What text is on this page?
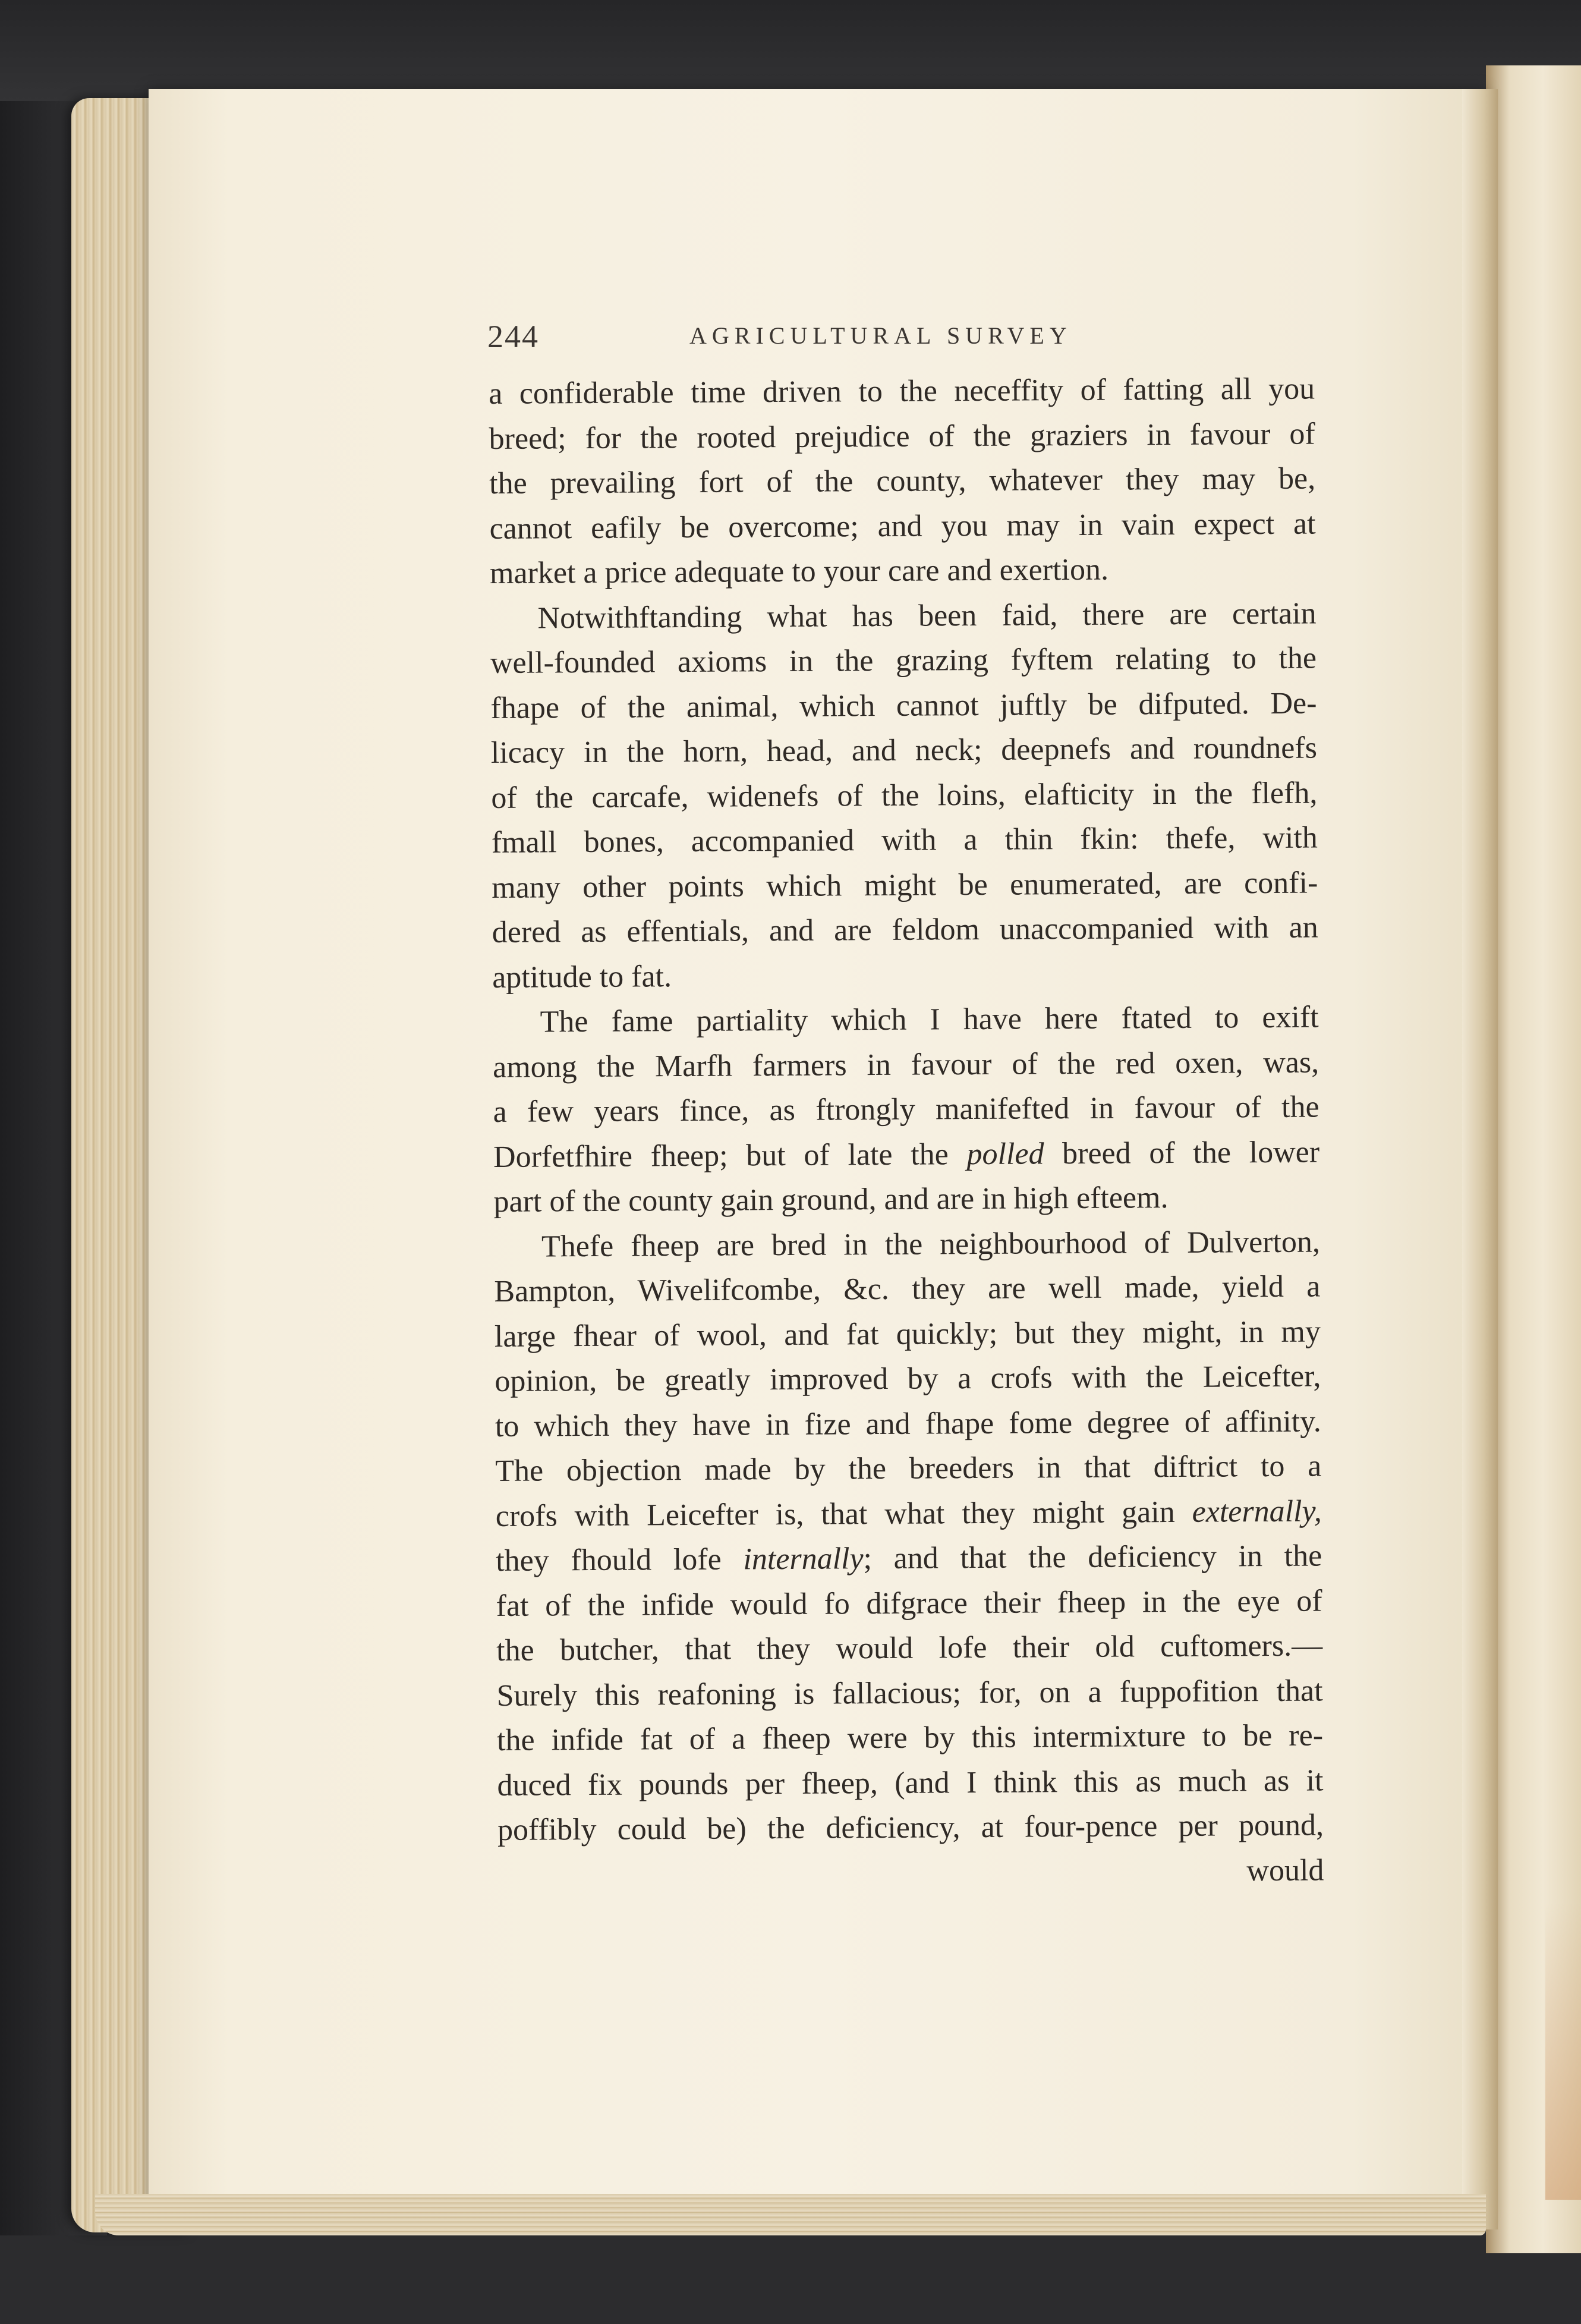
244	AGRICULTURAL SURVEY
a confiderable time driven to the neceffity of fatting all you
breed; for the rooted prejudice of the graziers in favour of
the prevailing fort of the county, whatever they may be,
cannot eafily be overcome; and you may in vain expect at
market a price adequate to your care and exertion.
Notwithftanding what has been faid, there are certain
well-founded axioms in the grazing fyftem relating to the
fhape of the animal, which cannot juftly be difputed. De-
licacy in the horn, head, and neck; deepnefs and roundnefs
of the carcafe, widenefs of the loins, elafticity in the flefh,
fmall bones, accompanied with a thin fkin: thefe, with
many other points which might be enumerated, are confi-
dered as effentials, and are feldom unaccompanied with an
aptitude to fat.
The fame partiality which I have here ftated to exift
among the Marfh farmers in favour of the red oxen, was,
a few years fince, as ftrongly manifefted in favour of the
Dorfetfhire fheep; but of late the polled breed of the lower
part of the county gain ground, and are in high efteem.
Thefe fheep are bred in the neighbourhood of Dulverton,
Bampton, Wivelifcombe, &c. they are well made, yield a
large fhear of wool, and fat quickly; but they might, in my
opinion, be greatly improved by a crofs with the Leicefter,
to which they have in fize and fhape fome degree of affinity.
The objection made by the breeders in that diftrict to a
crofs with Leicefter is, that what they might gain externally,
they fhould lofe internally; and that the deficiency in the
fat of the infide would fo difgrace their fheep in the eye of
the butcher, that they would lofe their old cuftomers.—
Surely this reafoning is fallacious; for, on a fuppofition that
the infide fat of a fheep were by this intermixture to be re-
duced fix pounds per fheep, (and I think this as much as it
poffibly could be) the deficiency, at four-pence per pound,
would
